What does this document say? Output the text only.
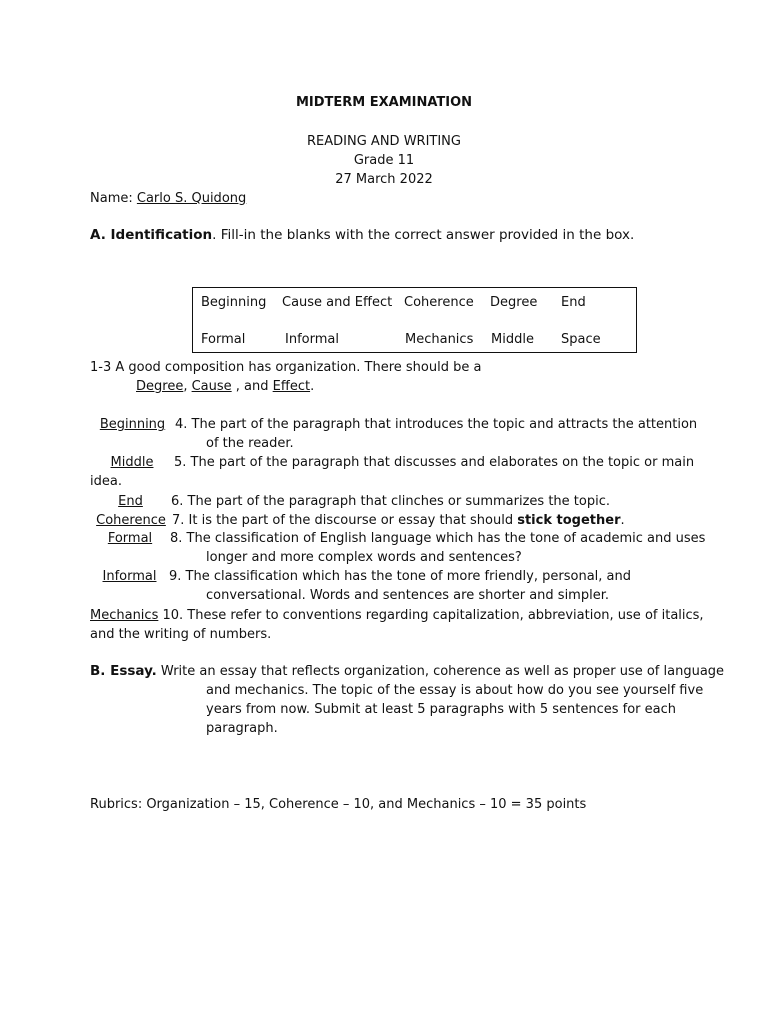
MIDTERM EXAMINATION
READING AND WRITING
Grade 11
27 March 2022
Name: Carlo S. Quidong
A. Identification. Fill-in the blanks with the correct answer provided in the box.
Beginning Cause and Effect Coherence Degree End
Formal	Informal	Mechanics Middle Space
1-3 A good composition has organization. There should be a
Degree, Cause , and Effect.
Beginning 4. The part of the paragraph that introduces the topic and attracts the attention
of the reader.
Middle 5. The part of the paragraph that discusses and elaborates on the topic or main
idea.
End 6. The part of the paragraph that clinches or summarizes the topic.
Coherence 7. It is the part of the discourse or essay that should stick together.
Formal 8. The classification of English language which has the tone of academic and uses
longer and more complex words and sentences?
Informal 9. The classification which has the tone of more friendly, personal, and
conversational. Words and sentences are shorter and simpler.
Mechanics 10. These refer to conventions regarding capitalization, abbreviation, use of italics,
and the writing of numbers.
B. Essay. Write an essay that reflects organization, coherence as well as proper use of language
and mechanics. The topic of the essay is about how do you see yourself five
years from now. Submit at least 5 paragraphs with 5 sentences for each
paragraph.
Rubrics: Organization – 15, Coherence – 10, and Mechanics – 10 = 35 points
